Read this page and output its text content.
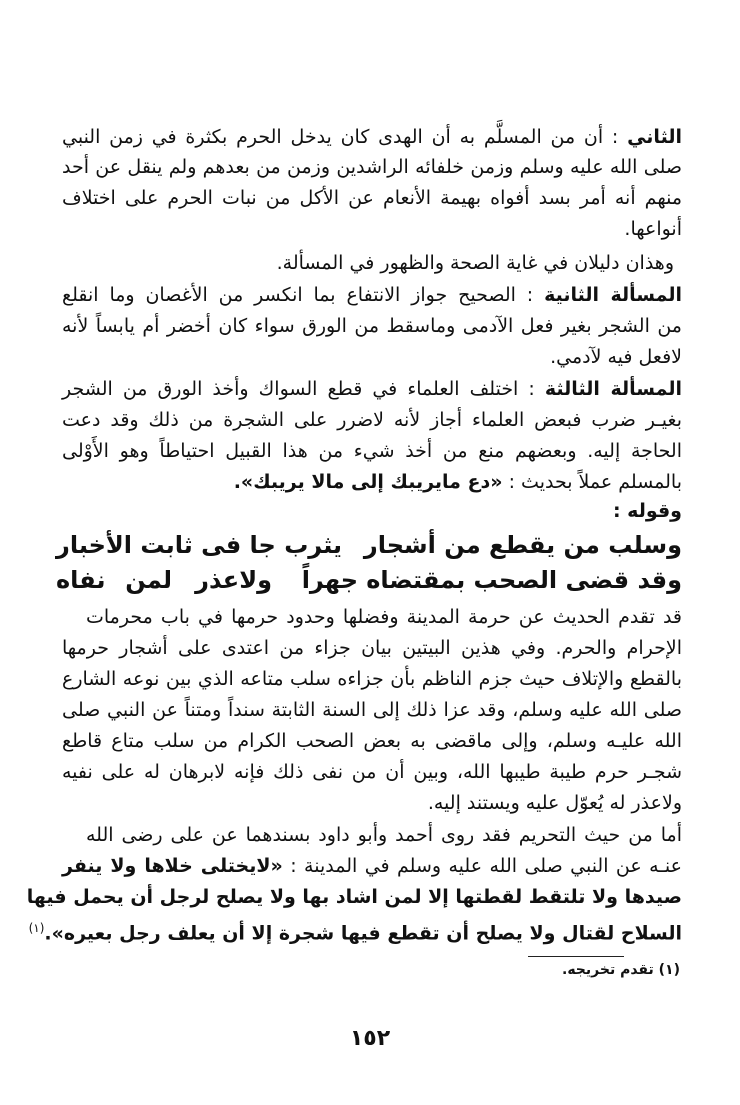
الثاني : أن من المسلَّم به أن الهدى كان يدخل الحرم بكثرة في زمن النبي
صلى الله عليه وسلم وزمن خلفائه الراشدين وزمن من بعدهم ولم ينقل عن أحد
منهم أنه أمر بسد أفواه بهيمة الأنعام عن الأكل من نبات الحرم على اختلاف
أنواعها.
وهذان دليلان في غاية الصحة والظهور في المسألة.
المسألة الثانية : الصحيح جواز الانتفاع بما انكسر من الأغصان وما انقلع
من الشجر بغير فعل الآدمى وماسقط من الورق سواء كان أخضر أم يابساً لأنه
لافعل فيه لآدمي.
المسألة الثالثة : اختلف العلماء في قطع السواك وأخذ الورق من الشجر
بغيـر ضرب فبعض العلماء أجاز لأنه لاضرر على الشجرة من ذلك وقد دعت
الحاجة إليه. وبعضهم منع من أخذ شيء من هذا القبيل احتياطاً وهو الأَوْلى
بالمسلم عملاً بحديث : «دع مايريبك إلى مالا يريبك».
وقوله :
وسلب من يقطع من أشجار
يثرب جا فى ثابت الأخبار
وقد قضى الصحب بمقتضاه
جهراً
ولاعذر
لمن
نفاه
قد تقدم الحديث عن حرمة المدينة وفضلها وحدود حرمها في باب محرمات
الإحرام والحرم. وفي هذين البيتين بيان جزاء من اعتدى على أشجار حرمها
بالقطع والإتلاف حيث جزم الناظم بأن جزاءه سلب متاعه الذي بين نوعه الشارع
صلى الله عليه وسلم، وقد عزا ذلك إلى السنة الثابتة سنداً ومتناً عن النبي صلى
الله عليـه وسلم، وإلى ماقضى به بعض الصحب الكرام من سلب متاع قاطع
شجـر حرم طيبة طيبها الله، وبين أن من نفى ذلك فإنه لابرهان له على نفيه
ولاعذر له يُعوّل عليه ويستند إليه.
أما من حيث التحريم فقد روى أحمد وأبو داود بسندهما عن على رضى الله
عنـه عن النبي صلى الله عليه وسلم في المدينة : «لايختلى خلاها ولا ينفر
صيدها ولا تلتقط لقطتها إلا لمن اشاد بها ولا يصلح لرجل أن يحمل فيها
السلاح لقتال ولا يصلح أن تقطع فيها شجرة إلا أن يعلف رجل بعيره».$^{(١)}$
(١) تقدم تخريجه.
١٥٢
